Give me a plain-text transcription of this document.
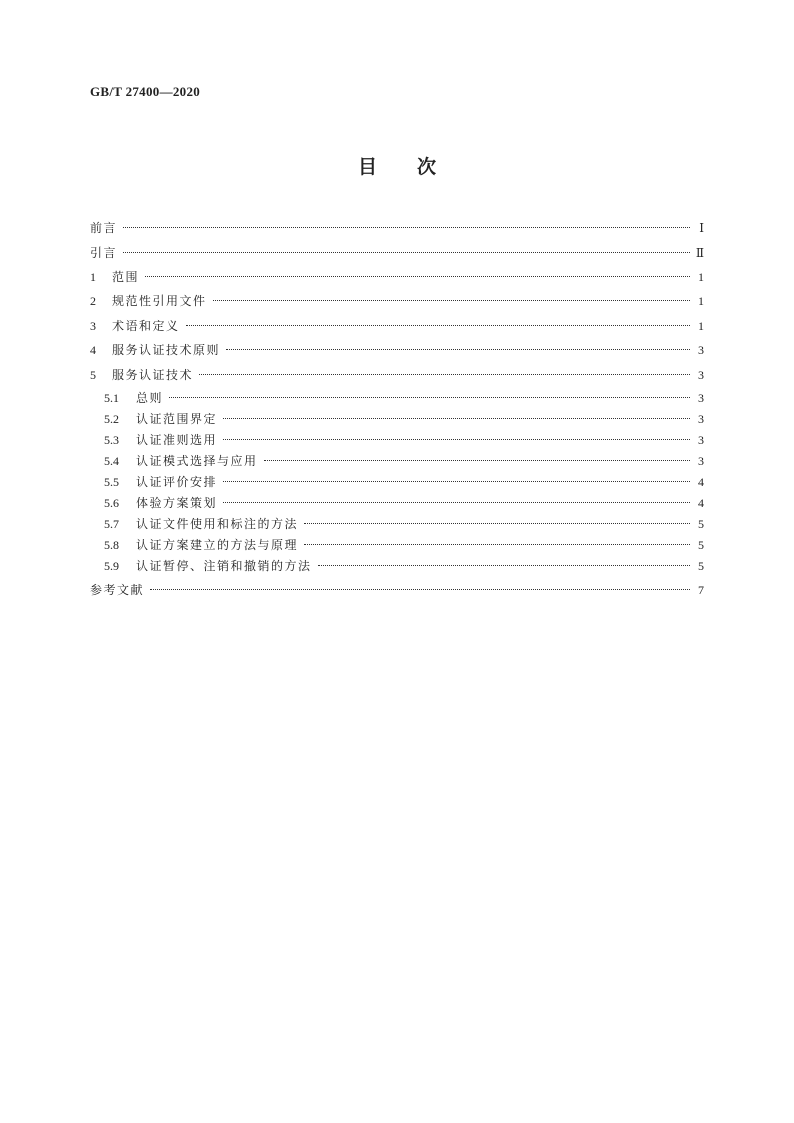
GB/T 27400—2020
目次
前言	Ⅰ
引言	Ⅱ
1	范围	1
2	规范性引用文件	1
3	术语和定义	1
4	服务认证技术原则	3
5	服务认证技术	3
5.1	总则	3
5.2	认证范围界定	3
5.3	认证准则选用	3
5.4	认证模式选择与应用	3
5.5	认证评价安排	4
5.6	体验方案策划	4
5.7	认证文件使用和标注的方法	5
5.8	认证方案建立的方法与原理	5
5.9	认证暂停、注销和撤销的方法	5
参考文献	7
